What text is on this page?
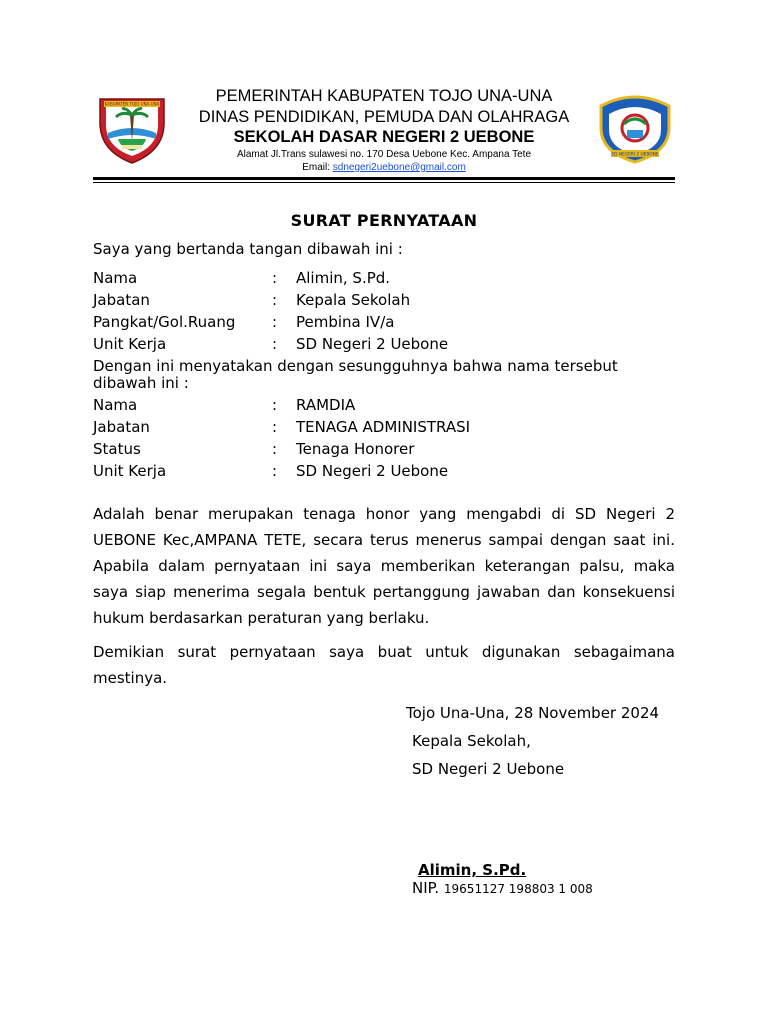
KABUPATEN TOJO UNA-UNA
SD NEGERI 2 UEBONE
PEMERINTAH KABUPATEN TOJO UNA-UNA
DINAS PENDIDIKAN, PEMUDA DAN OLAHRAGA
SEKOLAH DASAR NEGERI 2 UEBONE
Alamat Jl.Trans sulawesi no. 170 Desa Uebone Kec. Ampana Tete
Email: sdnegeri2uebone@gmail.com
SURAT PERNYATAAN
Saya yang bertanda tangan dibawah ini :
Nama	: Alimin, S.Pd.
Jabatan	: Kepala Sekolah
Pangkat/Gol.Ruang : Pembina IV/a
Unit Kerja	: SD Negeri 2 Uebone
Dengan ini menyatakan dengan sesungguhnya bahwa nama tersebut
dibawah ini :
Nama	: RAMDIA
Jabatan	: TENAGA ADMINISTRASI
Status	: Tenaga Honorer
Unit Kerja	: SD Negeri 2 Uebone
Adalah benar merupakan tenaga honor yang mengabdi di SD Negeri 2
UEBONE Kec,AMPANA TETE, secara terus menerus sampai dengan saat ini.
Apabila dalam pernyataan ini saya memberikan keterangan palsu, maka
saya siap menerima segala bentuk pertanggung jawaban dan konsekuensi
hukum berdasarkan peraturan yang berlaku.
Demikian surat pernyataan saya buat untuk digunakan sebagaimana
mestinya.
Tojo Una-Una, 28 November 2024
Kepala Sekolah,
SD Negeri 2 Uebone
Alimin, S.Pd.
NIP. 19651127 198803 1 008
